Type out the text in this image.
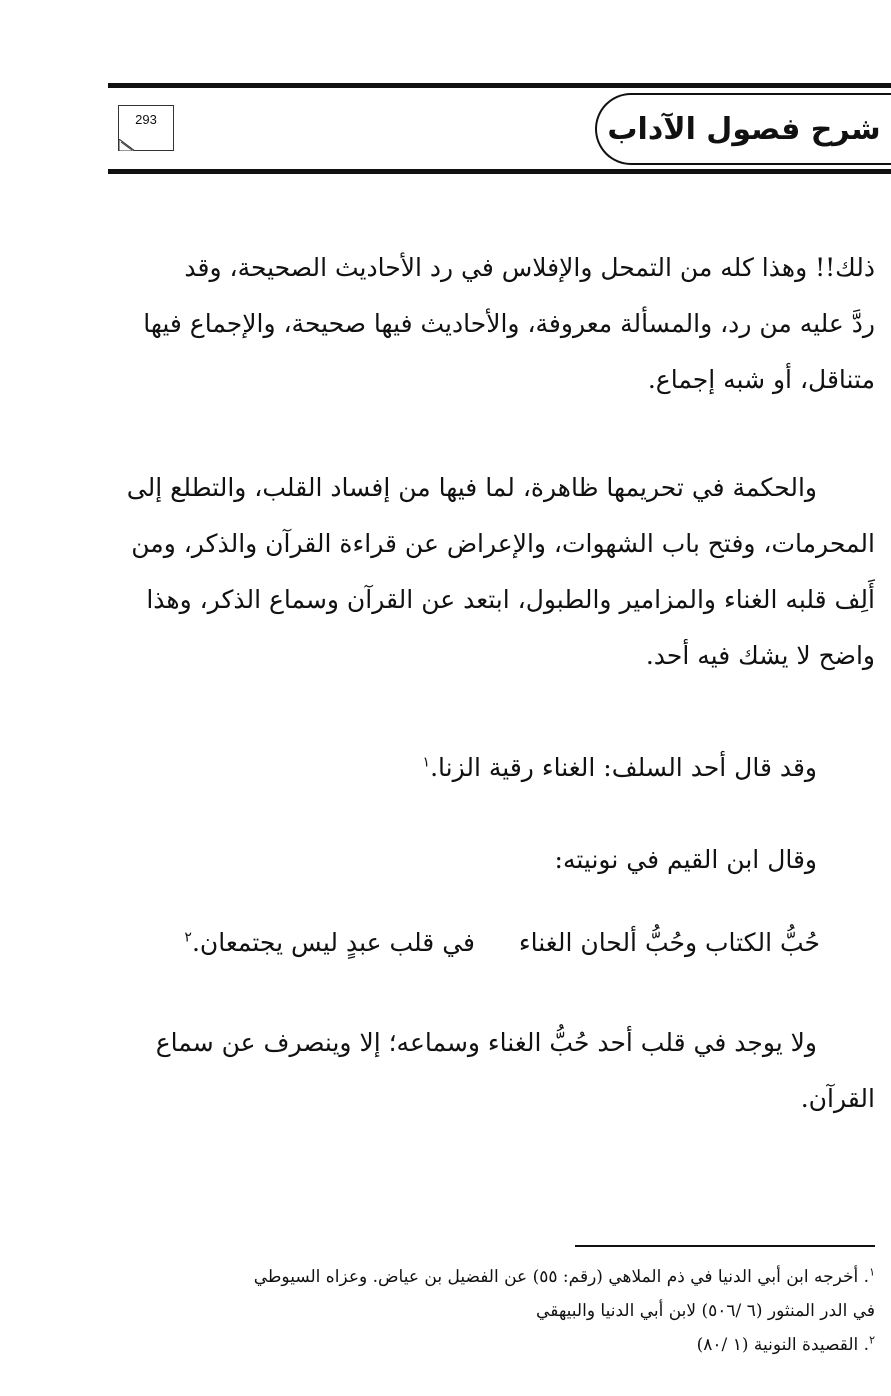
293	شرح فصول الآداب
ذلك!! وهذا كله من التمحل والإفلاس في رد الأحاديث الصحيحة، وقد
ردَّ عليه من رد، والمسألة معروفة، والأحاديث فيها صحيحة، والإجماع فيها
متناقل، أو شبه إجماع.
والحكمة في تحريمها ظاهرة، لما فيها من إفساد القلب، والتطلع إلى
المحرمات، وفتح باب الشهوات، والإعراض عن قراءة القرآن والذكر، ومن
أَلِف قلبه الغناء والمزامير والطبول، ابتعد عن القرآن وسماع الذكر، وهذا
واضح لا يشك فيه أحد.
وقد قال أحد السلف: الغناء رقية الزنا.$^١$
وقال ابن القيم في نونيته:
حُبُّ الكتاب وحُبُّ ألحان الغناء
في قلب عبدٍ ليس يجتمعان.$^٢$
ولا يوجد في قلب أحد حُبُّ الغناء وسماعه؛ إلا وينصرف عن سماع
القرآن.
$^١$. أخرجه ابن أبي الدنيا في ذم الملاهي (رقم: ٥٥) عن الفضيل بن عياض. وعزاه السيوطي
في الدر المنثور (٦ /٥٠٦) لابن أبي الدنيا والبيهقي
$^٢$. القصيدة النونية (١ /٨٠)
